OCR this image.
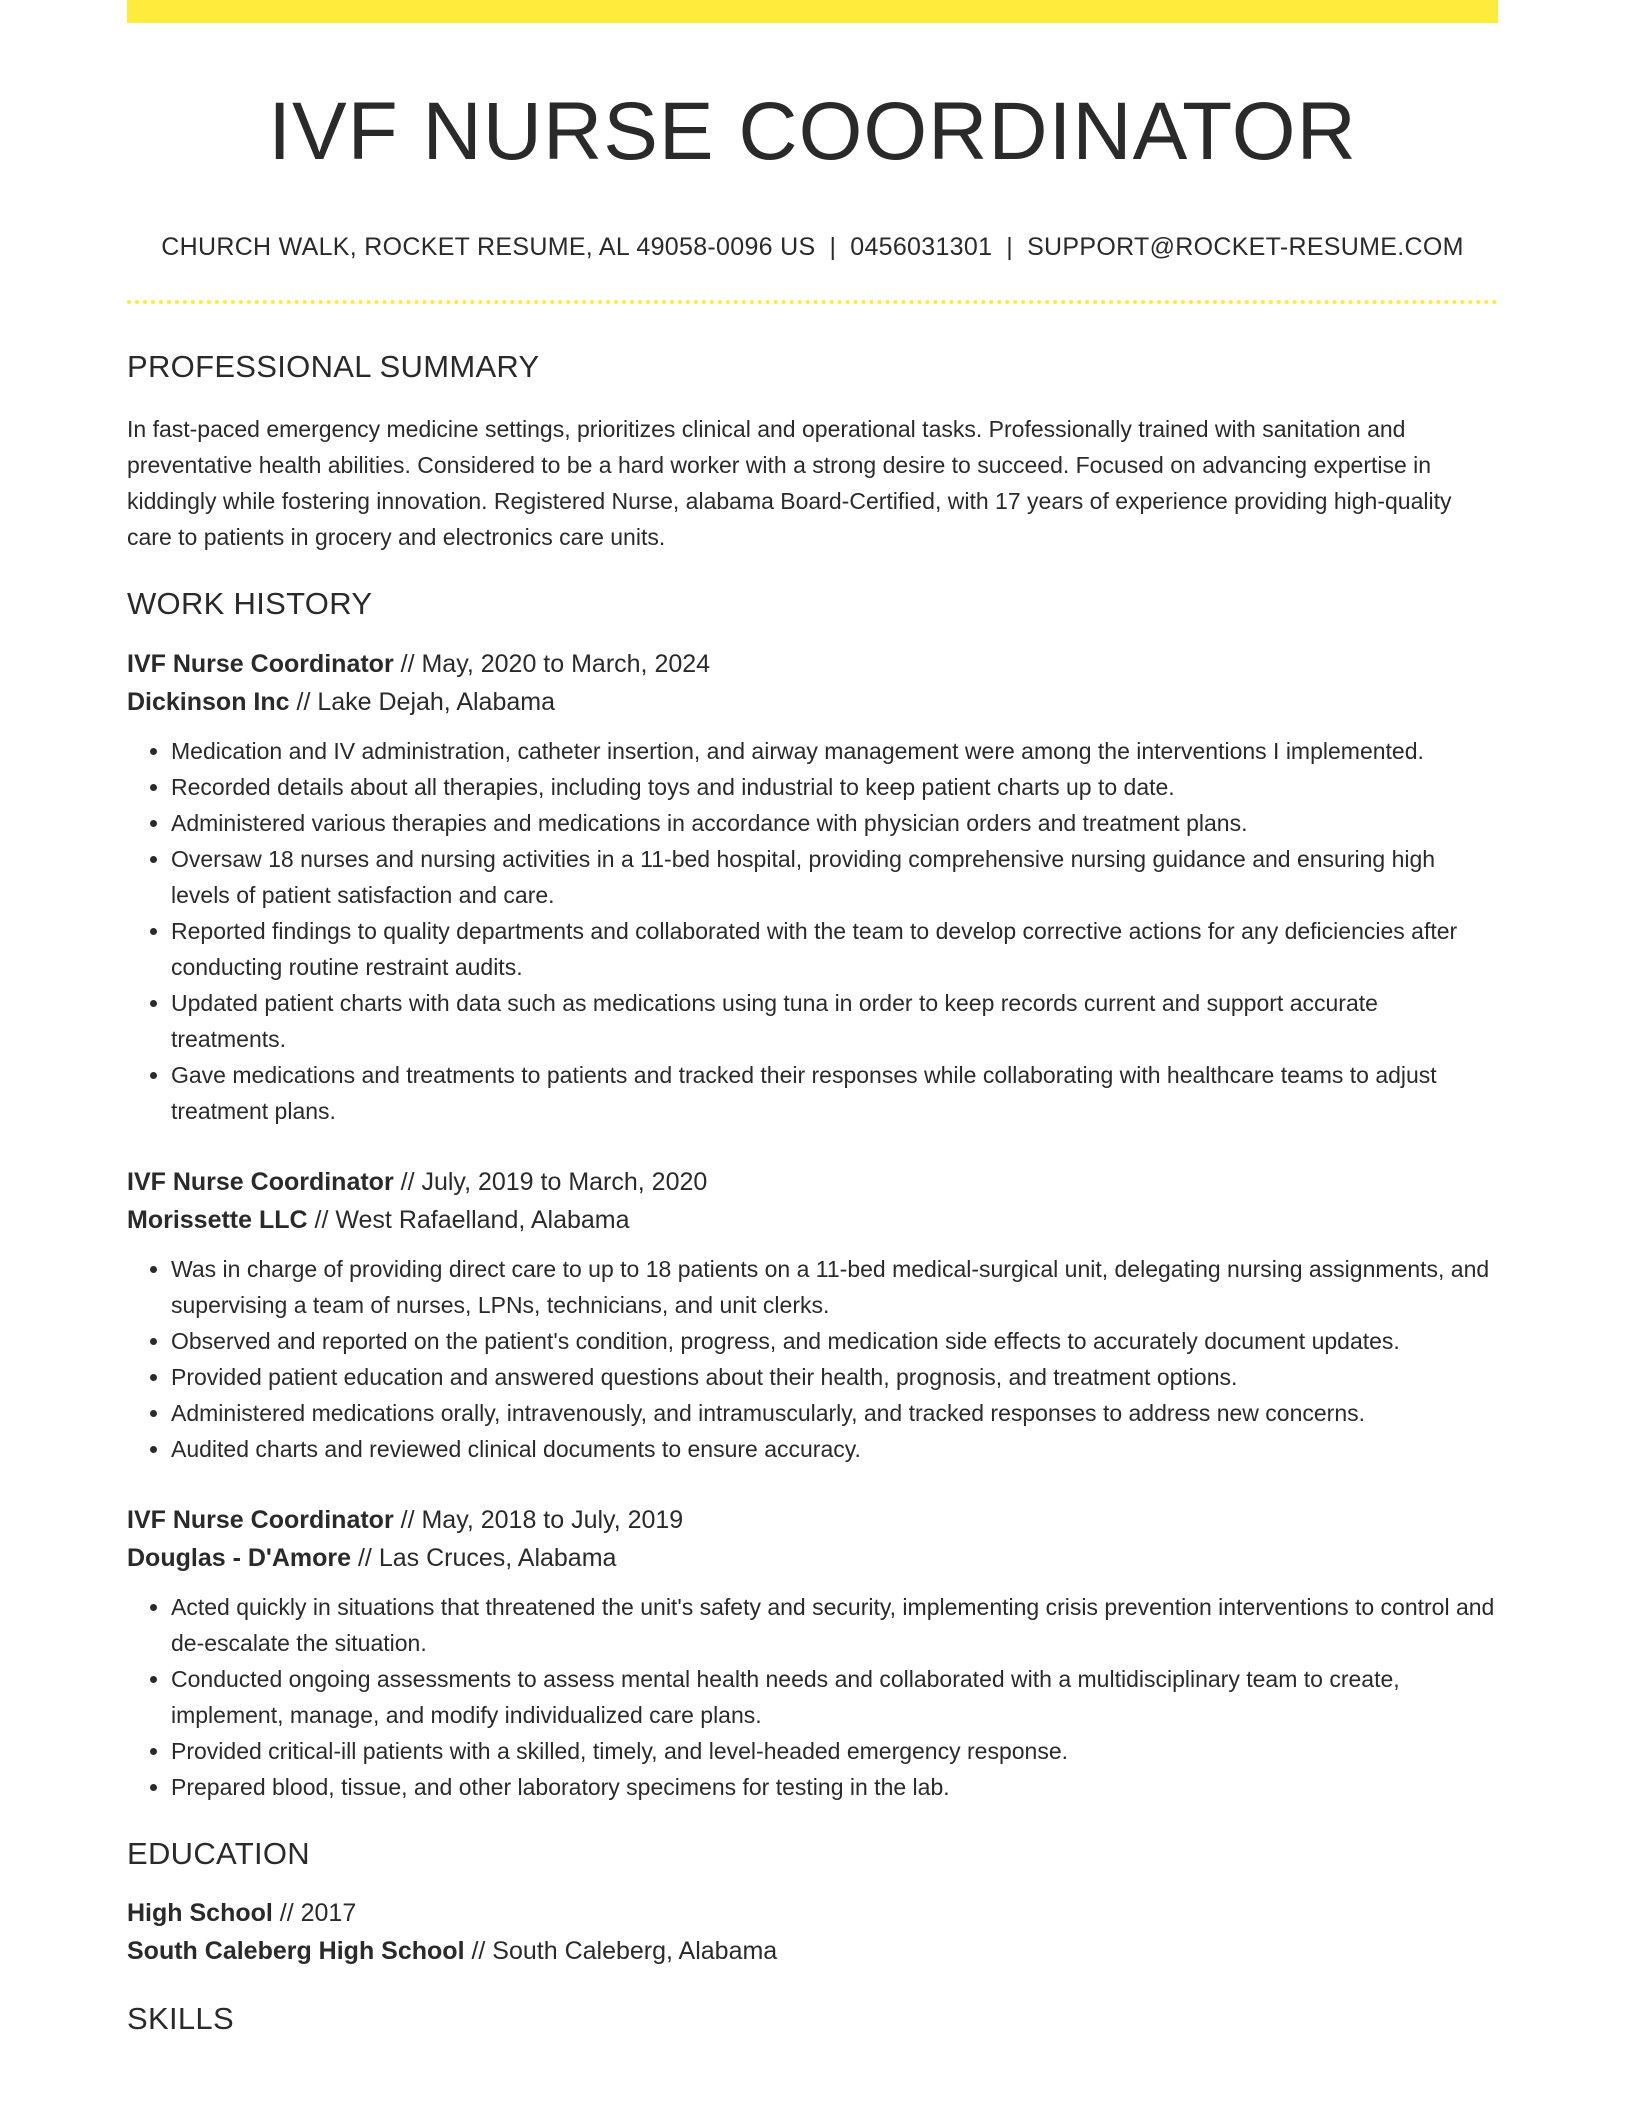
IVF NURSE COORDINATOR
CHURCH WALK, ROCKET RESUME, AL 49058-0096 US | 0456031301 | SUPPORT@ROCKET-RESUME.COM
PROFESSIONAL SUMMARY

In fast-paced emergency medicine settings, prioritizes clinical and operational tasks. Professionally trained with sanitation and preventative health abilities. Considered to be a hard worker with a strong desire to succeed. Focused on advancing expertise in kiddingly while fostering innovation. Registered Nurse, alabama Board-Certified, with 17 years of experience providing high-quality care to patients in grocery and electronics care units.

WORK HISTORY
IVF Nurse Coordinator // May, 2020 to March, 2024
Dickinson Inc // Lake Dejah, Alabama
• Medication and IV administration, catheter insertion, and airway management were among the interventions I implemented.
• Recorded details about all therapies, including toys and industrial to keep patient charts up to date.
• Administered various therapies and medications in accordance with physician orders and treatment plans.
• Oversaw 18 nurses and nursing activities in a 11-bed hospital, providing comprehensive nursing guidance and ensuring high levels of patient satisfaction and care.
• Reported findings to quality departments and collaborated with the team to develop corrective actions for any deficiencies after conducting routine restraint audits.
• Updated patient charts with data such as medications using tuna in order to keep records current and support accurate treatments.
• Gave medications and treatments to patients and tracked their responses while collaborating with healthcare teams to adjust treatment plans.
IVF Nurse Coordinator // July, 2019 to March, 2020
Morissette LLC // West Rafaelland, Alabama
• Was in charge of providing direct care to up to 18 patients on a 11-bed medical-surgical unit, delegating nursing assignments, and supervising a team of nurses, LPNs, technicians, and unit clerks.
• Observed and reported on the patient's condition, progress, and medication side effects to accurately document updates.
• Provided patient education and answered questions about their health, prognosis, and treatment options.
• Administered medications orally, intravenously, and intramuscularly, and tracked responses to address new concerns.
• Audited charts and reviewed clinical documents to ensure accuracy.
IVF Nurse Coordinator // May, 2018 to July, 2019
Douglas - D'Amore // Las Cruces, Alabama
• Acted quickly in situations that threatened the unit's safety and security, implementing crisis prevention interventions to control and de-escalate the situation.
• Conducted ongoing assessments to assess mental health needs and collaborated with a multidisciplinary team to create, implement, manage, and modify individualized care plans.
• Provided critical-ill patients with a skilled, timely, and level-headed emergency response.
• Prepared blood, tissue, and other laboratory specimens for testing in the lab.
EDUCATION
High School // 2017
South Caleberg High School // South Caleberg, Alabama
SKILLS
